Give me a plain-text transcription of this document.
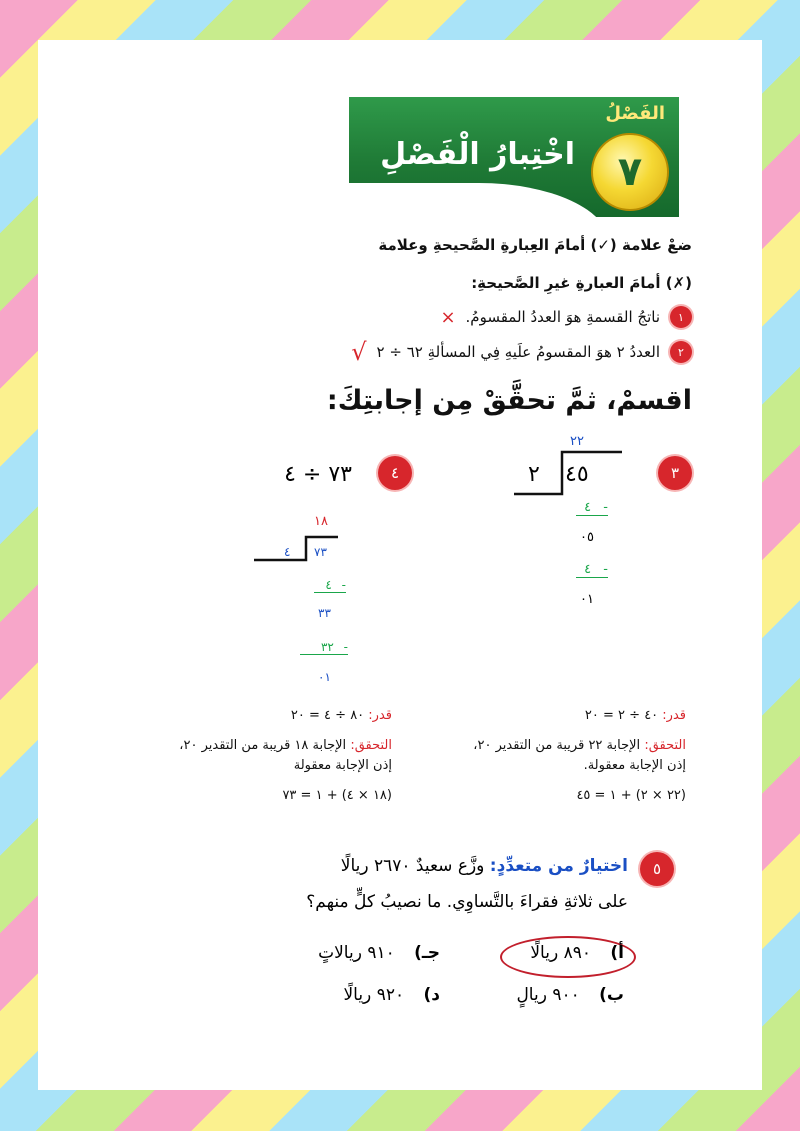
الفَصْلُ
٧
اخْتِبارُ الْفَصْلِ
ضعْ علامة (✓) أمامَ العِبارةِ الصَّحيحةِ وعلامة
(✗) أمامَ العبارةِ غيرِ الصَّحيحةِ:
١
ناتجُ القسمةِ هوَ العددُ المقسومُ.
×
٢
العددُ ٢ هوَ المقسومُ علَيهِ فِي المسألةِ ٦٢ ÷ ٢
√
اقسمْ، ثمَّ تحقَّقْ مِن إجابتِكَ:
٣
٢٢
٤٥
٢
- ٤
٠٥
- ٤
٠١
قدر: ٤٠ ÷ ٢ = ٢٠
التحقق: الإجابة ٢٢ قريبة من التقدير ٢٠،
إذن الإجابة معقولة.
(٢٢ × ٢) + ١ = ٤٥
٤
٧٣ ÷ ٤
١٨
٧٣
٤
- ٤
٣٣
- ٣٢
٠١
قدر: ٨٠ ÷ ٤ = ٢٠
التحقق: الإجابة ١٨ قريبة من التقدير ٢٠،
إذن الإجابة معقولة
(١٨ × ٤) + ١ = ٧٣
٥
اختيارٌ من متعدِّدٍ: وزَّع سعيدٌ ٢٦٧٠ ريالًا
على ثلاثةِ فقراءَ بالتَّساوِي. ما نصيبُ كلٍّ منهم؟
أ) ٨٩٠ ريالًا
جـ) ٩١٠ ريالاتٍ
ب) ٩٠٠ ريالٍ
د) ٩٢٠ ريالًا
